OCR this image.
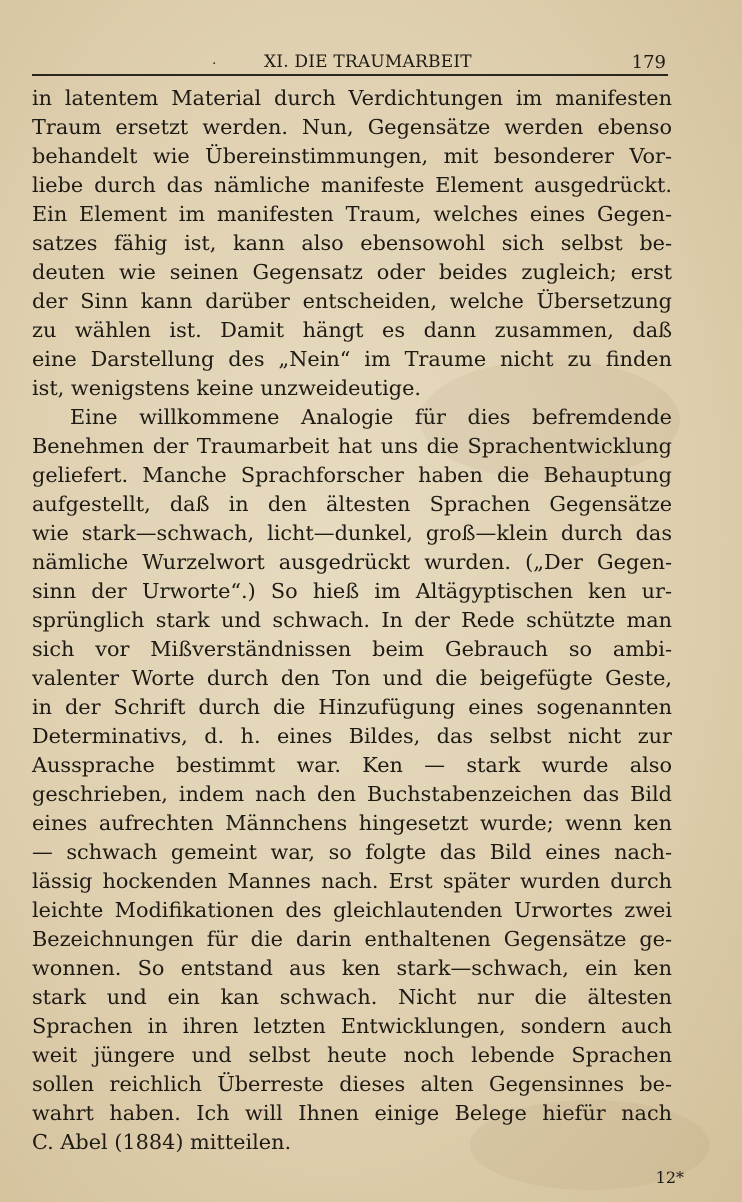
·	XI. DIE TRAUMARBEIT	179
in latentem Material durch Verdichtungen im manifesten
Traum ersetzt werden. Nun, Gegensätze werden ebenso
behandelt wie Übereinstimmungen, mit besonderer Vor-
liebe durch das nämliche manifeste Element ausgedrückt.
Ein Element im manifesten Traum, welches eines Gegen-
satzes fähig ist, kann also ebensowohl sich selbst be-
deuten wie seinen Gegensatz oder beides zugleich; erst
der Sinn kann darüber entscheiden, welche Übersetzung
zu wählen ist. Damit hängt es dann zusammen, daß
eine Darstellung des „Nein“ im Traume nicht zu finden
ist, wenigstens keine unzweideutige.
Eine willkommene Analogie für dies befremdende
Benehmen der Traumarbeit hat uns die Sprachentwicklung
geliefert. Manche Sprachforscher haben die Behauptung
aufgestellt, daß in den ältesten Sprachen Gegensätze
wie stark—schwach, licht—dunkel, groß—klein durch das
nämliche Wurzelwort ausgedrückt wurden. („Der Gegen-
sinn der Urworte“.) So hieß im Altägyptischen ken ur-
sprünglich stark und schwach. In der Rede schützte man
sich vor Mißverständnissen beim Gebrauch so ambi-
valenter Worte durch den Ton und die beigefügte Geste,
in der Schrift durch die Hinzufügung eines sogenannten
Determinativs, d. h. eines Bildes, das selbst nicht zur
Aussprache bestimmt war. Ken — stark wurde also
geschrieben, indem nach den Buchstabenzeichen das Bild
eines aufrechten Männchens hingesetzt wurde; wenn ken
— schwach gemeint war, so folgte das Bild eines nach-
lässig hockenden Mannes nach. Erst später wurden durch
leichte Modifikationen des gleichlautenden Urwortes zwei
Bezeichnungen für die darin enthaltenen Gegensätze ge-
wonnen. So entstand aus ken stark—schwach, ein ken
stark und ein kan schwach. Nicht nur die ältesten
Sprachen in ihren letzten Entwicklungen, sondern auch
weit jüngere und selbst heute noch lebende Sprachen
sollen reichlich Überreste dieses alten Gegensinnes be-
wahrt haben. Ich will Ihnen einige Belege hiefür nach
C. Abel (1884) mitteilen.
12*
